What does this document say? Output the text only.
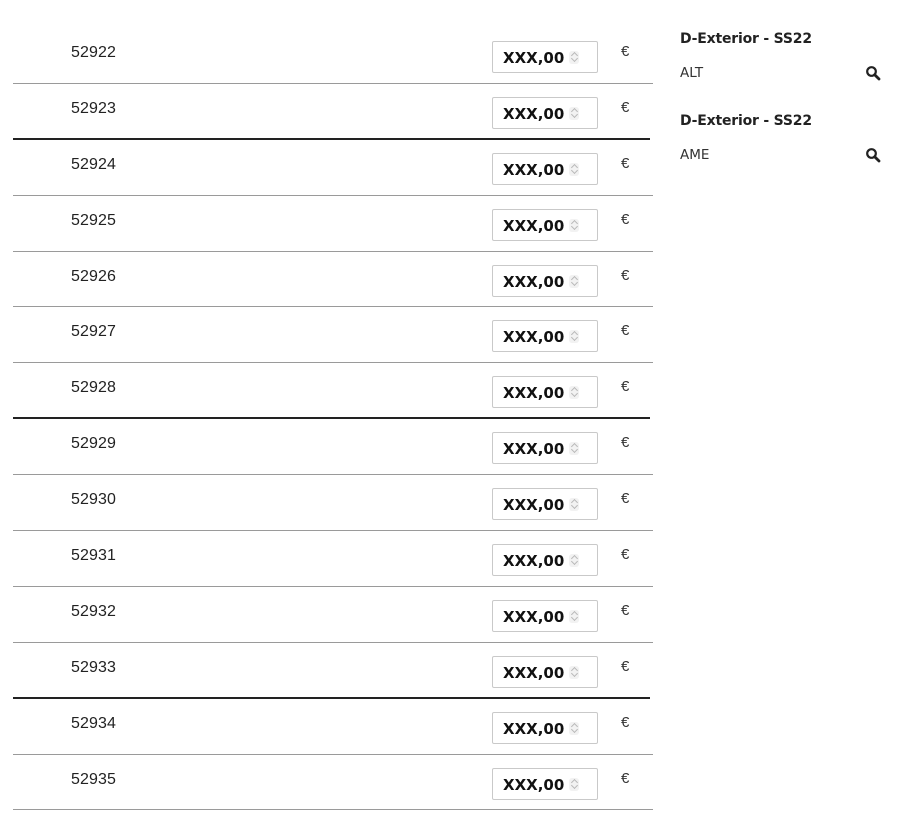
52922	XXX,00	€
52923	XXX,00	€
52924	XXX,00	€
52925	XXX,00	€
52926	XXX,00	€
52927	XXX,00	€
52928	XXX,00	€
52929	XXX,00	€
52930	XXX,00	€
52931	XXX,00	€
52932	XXX,00	€
52933	XXX,00	€
52934	XXX,00	€
52935	XXX,00	€
D-Exterior - SS22
ALT
D-Exterior - SS22
AME
